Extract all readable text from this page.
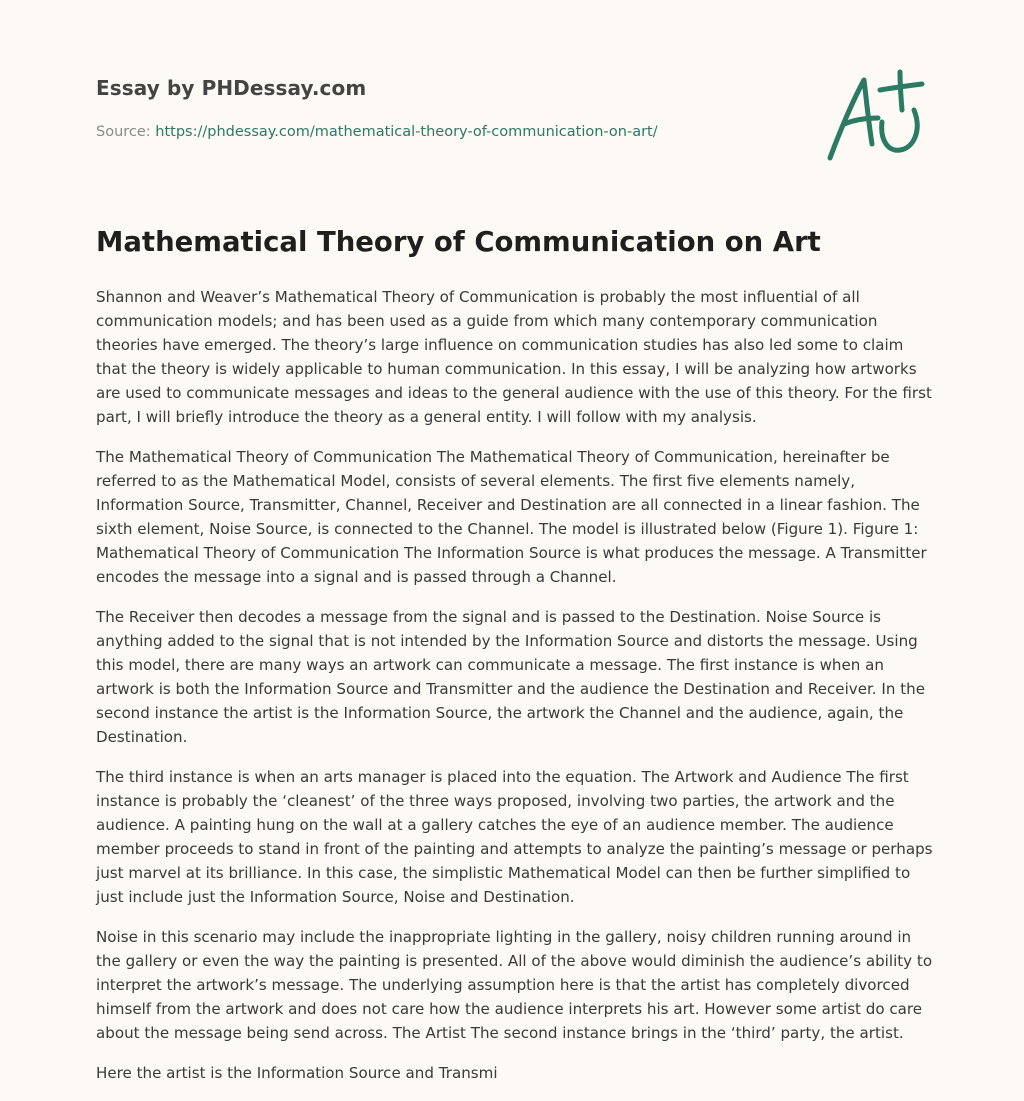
Essay by PHDessay.com
Source: https://phdessay.com/mathematical-theory-of-communication-on-art/
Mathematical Theory of Communication on Art

Shannon and Weaver’s Mathematical Theory of Communication is probably the most influential of all communication models; and has been used as a guide from which many contemporary communication theories have emerged. The theory’s large influence on communication studies has also led some to claim that the theory is widely applicable to human communication. In this essay, I will be analyzing how artworks are used to communicate messages and ideas to the general audience with the use of this theory. For the first part, I will briefly introduce the theory as a general entity. I will follow with my analysis.

The Mathematical Theory of Communication The Mathematical Theory of Communication, hereinafter be referred to as the Mathematical Model, consists of several elements. The first five elements namely, Information Source, Transmitter, Channel, Receiver and Destination are all connected in a linear fashion. The sixth element, Noise Source, is connected to the Channel. The model is illustrated below (Figure 1). Figure 1: Mathematical Theory of Communication The Information Source is what produces the message. A Transmitter encodes the message into a signal and is passed through a Channel.

The Receiver then decodes a message from the signal and is passed to the Destination. Noise Source is anything added to the signal that is not intended by the Information Source and distorts the message. Using this model, there are many ways an artwork can communicate a message. The first instance is when an artwork is both the Information Source and Transmitter and the audience the Destination and Receiver. In the second instance the artist is the Information Source, the artwork the Channel and the audience, again, the Destination.

The third instance is when an arts manager is placed into the equation. The Artwork and Audience The first instance is probably the ‘cleanest’ of the three ways proposed, involving two parties, the artwork and the audience. A painting hung on the wall at a gallery catches the eye of an audience member. The audience member proceeds to stand in front of the painting and attempts to analyze the painting’s message or perhaps just marvel at its brilliance. In this case, the simplistic Mathematical Model can then be further simplified to just include just the Information Source, Noise and Destination.

Noise in this scenario may include the inappropriate lighting in the gallery, noisy children running around in the gallery or even the way the painting is presented. All of the above would diminish the audience’s ability to interpret the artwork’s message. The underlying assumption here is that the artist has completely divorced himself from the artwork and does not care how the audience interprets his art. However some artist do care about the message being send across. The Artist The second instance brings in the ‘third’ party, the artist.

Here the artist is the Information Source and Transmi
